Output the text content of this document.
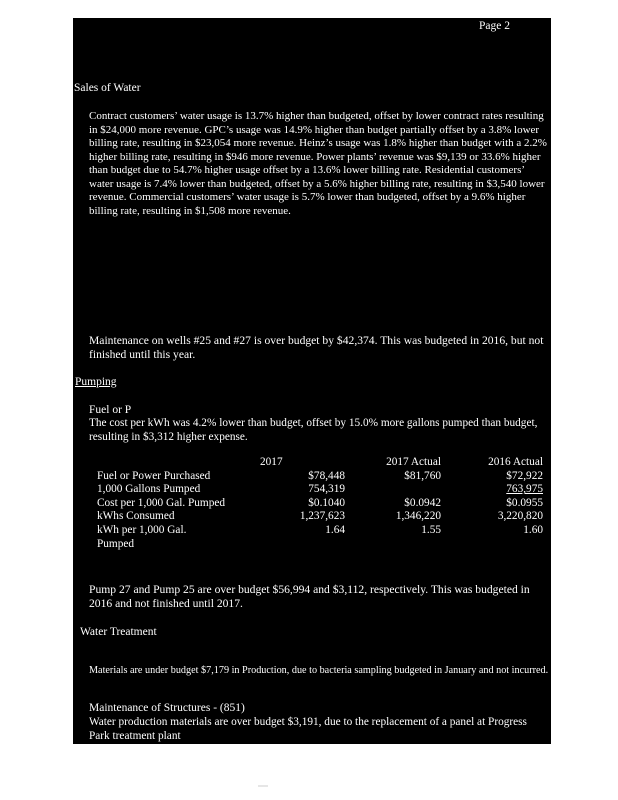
Page 2
Sales of Water
Contract customers’ water usage is 13.7% higher than budgeted, offset by lower contract rates resulting in $24,000 more revenue. GPC’s usage was 14.9% higher than budget partially offset by a 3.8% lower billing rate, resulting in $23,054 more revenue. Heinz’s usage was 1.8% higher than budget with a 2.2% higher billing rate, resulting in $946 more revenue. Power plants’ revenue was $9,139 or 33.6% higher than budget due to 54.7% higher usage offset by a 13.6% lower billing rate. Residential customers’ water usage is 7.4% lower than budgeted, offset by a 5.6% higher billing rate, resulting in $3,540 lower revenue. Commercial customers’ water usage is 5.7% lower than budgeted, offset by a 9.6% higher billing rate, resulting in $1,508 more revenue.
Maintenance on wells #25 and #27 is over budget by $42,374. This was budgeted in 2016, but not finished until this year.
Pumping
Fuel or P
The cost per kWh was 4.2% lower than budget, offset by 15.0% more gallons pumped than budget, resulting in $3,312 higher expense.
	2017	2017 Actual	2016 Actual
Fuel or Power Purchased	$78,448	$81,760	$72,922
1,000 Gallons Pumped	754,319		763,975
Cost per 1,000 Gal. Pumped	$0.1040	$0.0942	$0.0955
kWhs Consumed	1,237,623	1,346,220	3,220,820
kWh per 1,000 Gal.	1.64	1.55	1.60
Pumped			
Pump 27 and Pump 25 are over budget $56,994 and $3,112, respectively. This was budgeted in 2016 and not finished until 2017.
Water Treatment
Materials are under budget $7,179 in Production, due to bacteria sampling budgeted in January and not incurred.
Maintenance of Structures - (851)
Water production materials are over budget $3,191, due to the replacement of a panel at Progress Park treatment plant
